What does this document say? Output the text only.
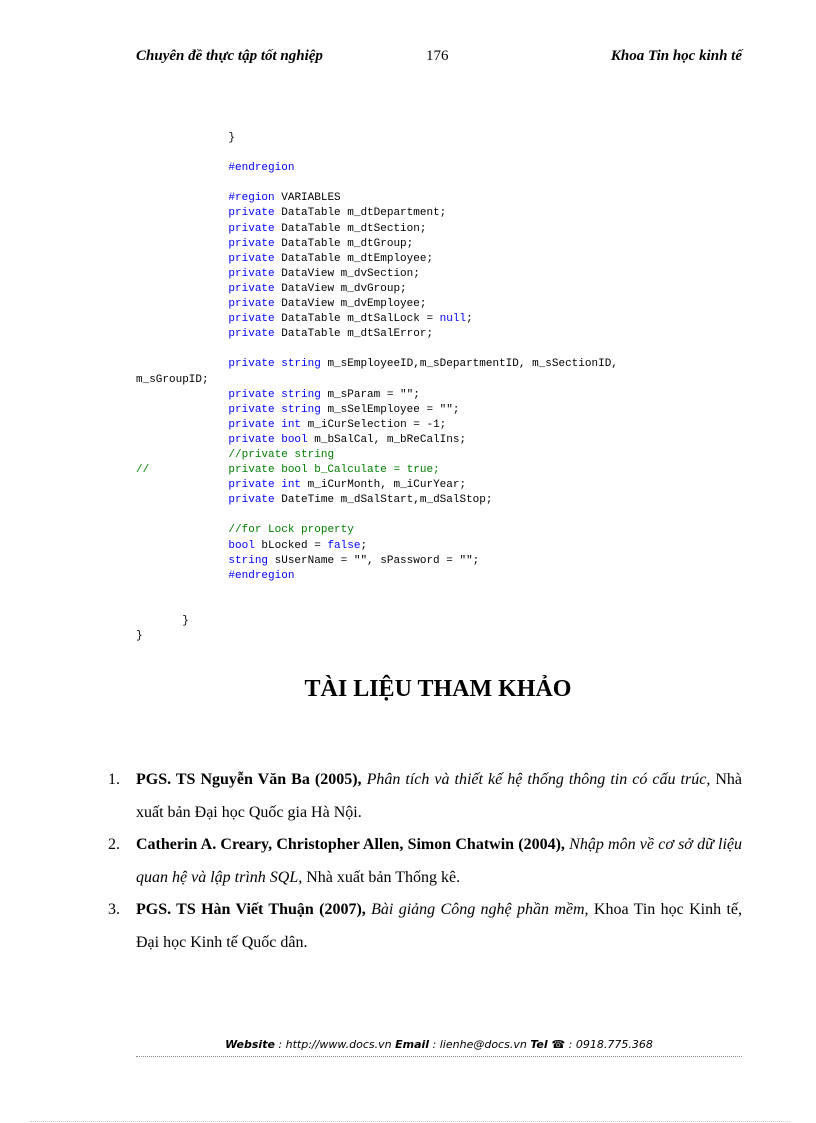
Chuyên đề thực tập tốt nghiệp	176	Khoa Tin học kinh tế
}
#endregion
#region VARIABLES
private DataTable m_dtDepartment;
private DataTable m_dtSection;
private DataTable m_dtGroup;
private DataTable m_dtEmployee;
private DataView m_dvSection;
private DataView m_dvGroup;
private DataView m_dvEmployee;
private DataTable m_dtSalLock = null;
private DataTable m_dtSalError;
private string m_sEmployeeID,m_sDepartmentID, m_sSectionID,
m_sGroupID;
private string m_sParam = "";
private string m_sSelEmployee = "";
private int m_iCurSelection = -1;
private bool m_bSalCal, m_bReCalIns;
//private string
//            private bool b_Calculate = true;
private int m_iCurMonth, m_iCurYear;
private DateTime m_dSalStart,m_dSalStop;
//for Lock property
bool bLocked = false;
string sUserName = "", sPassword = "";
#endregion
}
}
TÀI LIỆU THAM KHẢO

1. PGS. TS Nguyễn Văn Ba (2005), Phân tích và thiết kế hệ thống thông tin có cấu trúc, Nhà xuất bản Đại học Quốc gia Hà Nội.

2. Catherin A. Creary, Christopher Allen, Simon Chatwin (2004), Nhập môn về cơ sở dữ liệu quan hệ và lập trình SQL, Nhà xuất bản Thống kê.

3. PGS. TS Hàn Viết Thuận (2007), Bài giảng Công nghệ phần mềm, Khoa Tin học Kinh tế, Đại học Kinh tế Quốc dân.

Website : http://www.docs.vn Email : lienhe@docs.vn Tel ☎ : 0918.775.368
